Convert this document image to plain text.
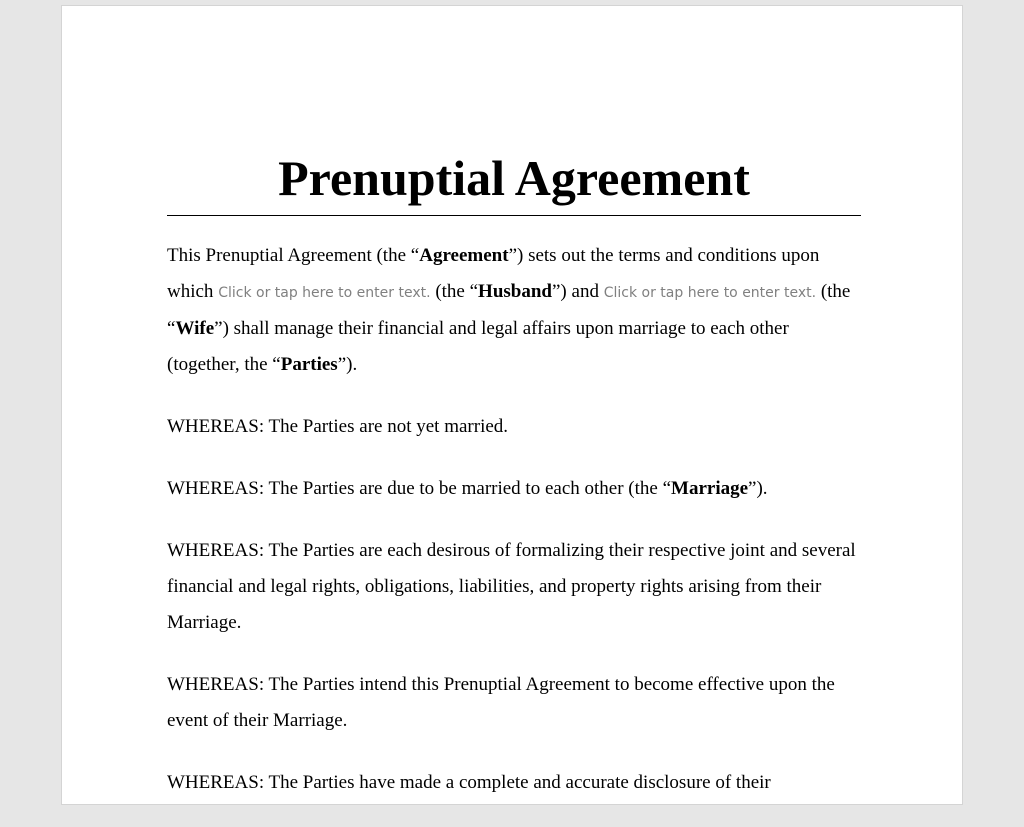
Prenuptial Agreement

This Prenuptial Agreement (the “Agreement”) sets out the terms and conditions upon which Click or tap here to enter text. (the “Husband”) and Click or tap here to enter text. (the “Wife”) shall manage their financial and legal affairs upon marriage to each other (together, the “Parties”).

WHEREAS: The Parties are not yet married.

WHEREAS: The Parties are due to be married to each other (the “Marriage”).

WHEREAS: The Parties are each desirous of formalizing their respective joint and several financial and legal rights, obligations, liabilities, and property rights arising from their Marriage.

WHEREAS: The Parties intend this Prenuptial Agreement to become effective upon the event of their Marriage.

WHEREAS: The Parties have made a complete and accurate disclosure of their
